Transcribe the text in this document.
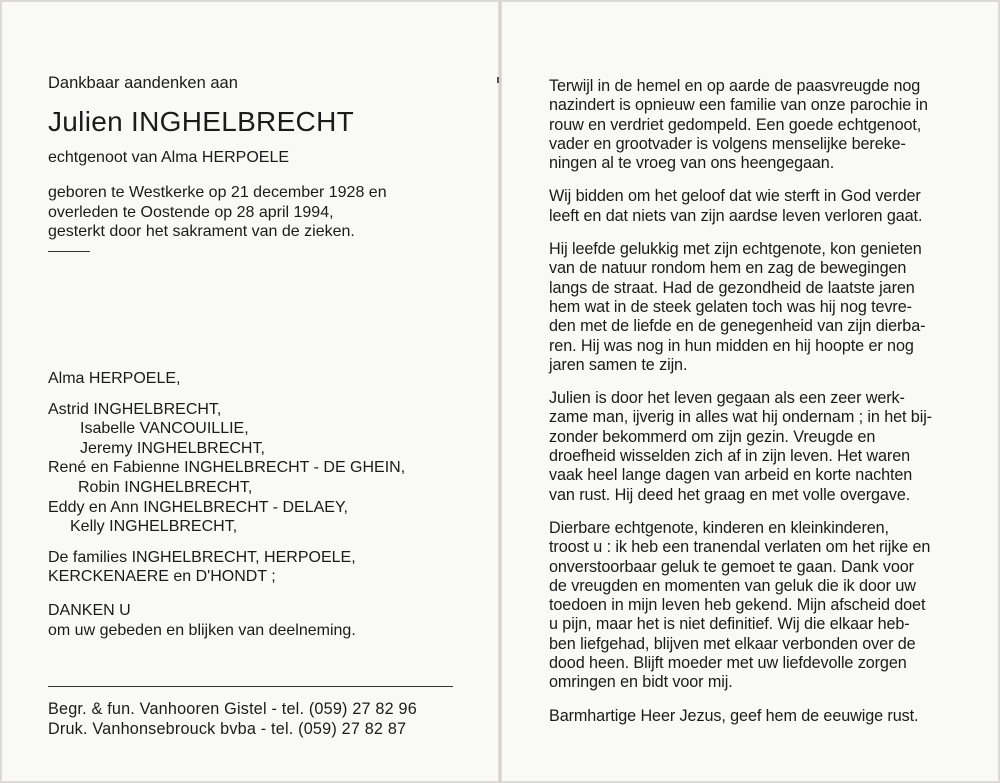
Dankbaar aandenken aan
Julien INGHELBRECHT
echtgenoot van Alma HERPOELE
geboren te Westkerke op 21 december 1928 en
overleden te Oostende op 28 april 1994,
gesterkt door het sakrament van de zieken.
Alma HERPOELE,
Astrid INGHELBRECHT,
Isabelle VANCOUILLIE,
Jeremy INGHELBRECHT,
René en Fabienne INGHELBRECHT - DE GHEIN,
Robin INGHELBRECHT,
Eddy en Ann INGHELBRECHT - DELAEY,
Kelly INGHELBRECHT,
De families INGHELBRECHT, HERPOELE,
KERCKENAERE en D'HONDT ;
DANKEN U
om uw gebeden en blijken van deelneming.
Begr. & fun. Vanhooren Gistel - tel. (059) 27 82 96
Druk. Vanhonsebrouck bvba - tel. (059) 27 82 87
Terwijl in de hemel en op aarde de paasvreugde nog
nazindert is opnieuw een familie van onze parochie in
rouw en verdriet gedompeld. Een goede echtgenoot,
vader en grootvader is volgens menselijke bereke-
ningen al te vroeg van ons heengegaan.
Wij bidden om het geloof dat wie sterft in God verder
leeft en dat niets van zijn aardse leven verloren gaat.
Hij leefde gelukkig met zijn echtgenote, kon genieten
van de natuur rondom hem en zag de bewegingen
langs de straat. Had de gezondheid de laatste jaren
hem wat in de steek gelaten toch was hij nog tevre-
den met de liefde en de genegenheid van zijn dierba-
ren. Hij was nog in hun midden en hij hoopte er nog
jaren samen te zijn.
Julien is door het leven gegaan als een zeer werk-
zame man, ijverig in alles wat hij ondernam ; in het bij-
zonder bekommerd om zijn gezin. Vreugde en
droefheid wisselden zich af in zijn leven. Het waren
vaak heel lange dagen van arbeid en korte nachten
van rust. Hij deed het graag en met volle overgave.
Dierbare echtgenote, kinderen en kleinkinderen,
troost u : ik heb een tranendal verlaten om het rijke en
onverstoorbaar geluk te gemoet te gaan. Dank voor
de vreugden en momenten van geluk die ik door uw
toedoen in mijn leven heb gekend. Mijn afscheid doet
u pijn, maar het is niet definitief. Wij die elkaar heb-
ben liefgehad, blijven met elkaar verbonden over de
dood heen. Blijft moeder met uw liefdevolle zorgen
omringen en bidt voor mij.
Barmhartige Heer Jezus, geef hem de eeuwige rust.
